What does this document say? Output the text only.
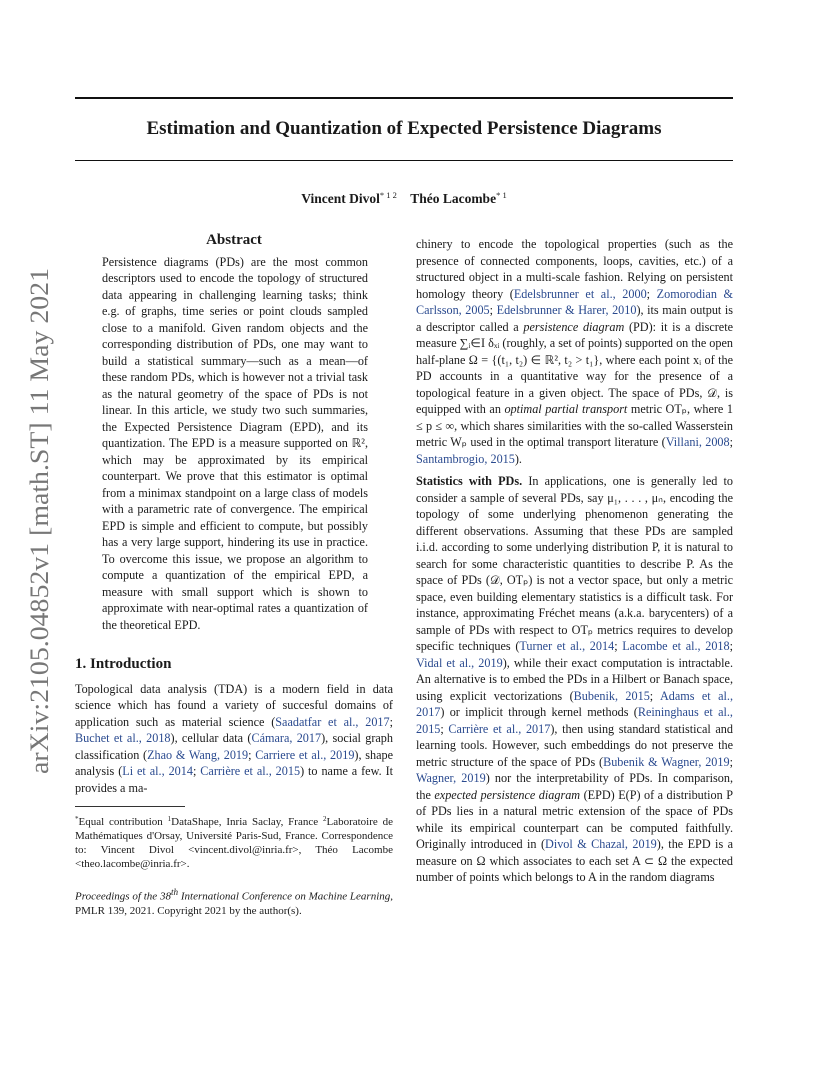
arXiv:2105.04852v1 [math.ST] 11 May 2021
Estimation and Quantization of Expected Persistence Diagrams
Vincent Divol$^{* 1 2}$ Théo Lacombe$^{* 1}$
Abstract

Persistence diagrams (PDs) are the most common descriptors used to encode the topology of structured data appearing in challenging learning tasks; think e.g. of graphs, time series or point clouds sampled close to a manifold. Given random objects and the corresponding distribution of PDs, one may want to build a statistical summary—such as a mean—of these random PDs, which is however not a trivial task as the natural geometry of the space of PDs is not linear. In this article, we study two such summaries, the Expected Persistence Diagram (EPD), and its quantization. The EPD is a measure supported on ℝ², which may be approximated by its empirical counterpart. We prove that this estimator is optimal from a minimax standpoint on a large class of models with a parametric rate of convergence. The empirical EPD is simple and efficient to compute, but possibly has a very large support, hindering its use in practice. To overcome this issue, we propose an algorithm to compute a quantization of the empirical EPD, a measure with small support which is shown to approximate with near-optimal rates a quantization of the theoretical EPD.

1. Introduction

Topological data analysis (TDA) is a modern field in data science which has found a variety of succesful domains of application such as material science (Saadatfar et al., 2017; Buchet et al., 2018), cellular data (Cámara, 2017), social graph classification (Zhao & Wang, 2019; Carriere et al., 2019), shape analysis (Li et al., 2014; Carrière et al., 2015) to name a few. It provides a ma-

*Equal contribution $^1$DataShape, Inria Saclay, France $^2$Laboratoire de Mathématiques d'Orsay, Université Paris-Sud, France. Correspondence to: Vincent Divol <vincent.divol@inria.fr>, Théo Lacombe <theo.lacombe@inria.fr>.

Proceedings of the 38th International Conference on Machine Learning, PMLR 139, 2021. Copyright 2021 by the author(s).

chinery to encode the topological properties (such as the presence of connected components, loops, cavities, etc.) of a structured object in a multi-scale fashion. Relying on persistent homology theory (Edelsbrunner et al., 2000; Zomorodian & Carlsson, 2005; Edelsbrunner & Harer, 2010), its main output is a descriptor called a persistence diagram (PD): it is a discrete measure ∑ᵢ∈I δₓᵢ (roughly, a set of points) supported on the open half-plane Ω = {(t₁, t₂) ∈ ℝ², t₂ > t₁}, where each point xᵢ of the PD accounts in a quantitative way for the presence of a topological feature in a given object. The space of PDs, 𝒟, is equipped with an optimal partial transport metric OTₚ, where 1 ≤ p ≤ ∞, which shares similarities with the so-called Wasserstein metric Wₚ used in the optimal transport literature (Villani, 2008; Santambrogio, 2015).

Statistics with PDs. In applications, one is generally led to consider a sample of several PDs, say μ₁, . . . , μₙ, encoding the topology of some underlying phenomenon generating the different observations. Assuming that these PDs are sampled i.i.d. according to some underlying distribution P, it is natural to search for some characteristic quantities to describe P. As the space of PDs (𝒟, OTₚ) is not a vector space, but only a metric space, even building elementary statistics is a difficult task. For instance, approximating Fréchet means (a.k.a. barycenters) of a sample of PDs with respect to OTₚ metrics requires to develop specific techniques (Turner et al., 2014; Lacombe et al., 2018; Vidal et al., 2019), while their exact computation is intractable. An alternative is to embed the PDs in a Hilbert or Banach space, using explicit vectorizations (Bubenik, 2015; Adams et al., 2017) or implicit through kernel methods (Reininghaus et al., 2015; Carrière et al., 2017), then using standard statistical and learning tools. However, such embeddings do not preserve the metric structure of the space of PDs (Bubenik & Wagner, 2019; Wagner, 2019) nor the interpretability of PDs. In comparison, the expected persistence diagram (EPD) E(P) of a distribution P of PDs lies in a natural metric extension of the space of PDs while its empirical counterpart can be computed faithfully. Originally introduced in (Divol & Chazal, 2019), the EPD is a measure on Ω which associates to each set A ⊂ Ω the expected number of points which belongs to A in the random diagrams
